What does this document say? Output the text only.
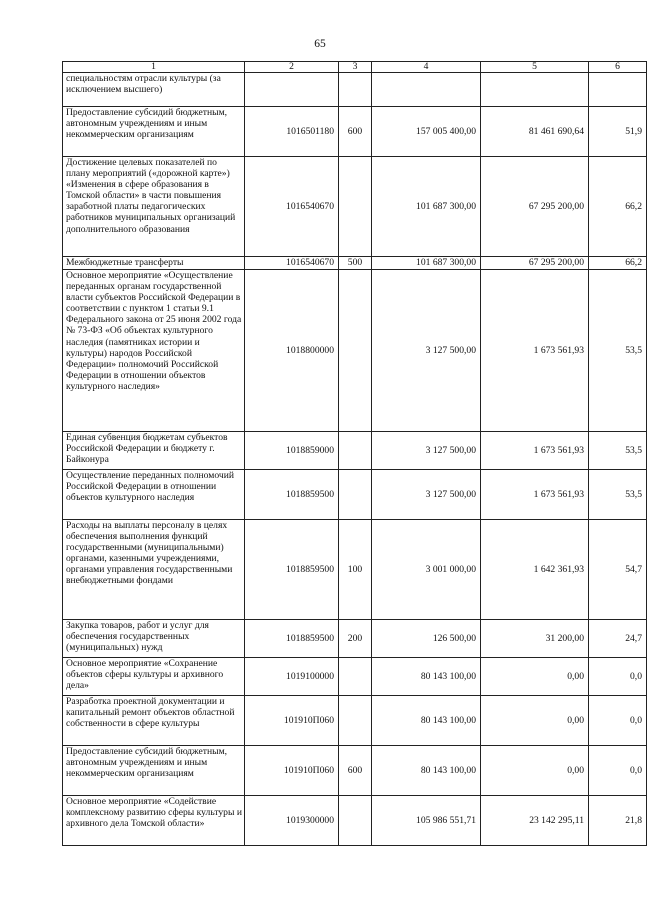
65
1	2	3	4	5	6
специальностям отрасли культуры (за исключением высшего)					
Предоставление субсидий бюджетным, автономным учреждениям и иным некоммерческим организациям	1016501180	600	157 005 400,00	81 461 690,64	51,9
Достижение целевых показателей по плану мероприятий («дорожной карте») «Изменения в сфере образования в Томской области» в части повышения заработной платы педагогических работников муниципальных организаций дополнительного образования	1016540670		101 687 300,00	67 295 200,00	66,2
Межбюджетные трансферты	1016540670	500	101 687 300,00	67 295 200,00	66,2
Основное мероприятие «Осуществление переданных органам государственной власти субъектов Российской Федерации в соответствии с пунктом 1 статьи 9.1 Федерального закона от 25 июня 2002 года № 73-ФЗ «Об объектах культурного наследия (памятниках истории и культуры) народов Российской Федерации» полномочий Российской Федерации в отношении объектов культурного наследия»	1018800000		3 127 500,00	1 673 561,93	53,5
Единая субвенция бюджетам субъектов Российской Федерации и бюджету г. Байконура	1018859000		3 127 500,00	1 673 561,93	53,5
Осуществление переданных полномочий Российской Федерации в отношении объектов культурного наследия	1018859500		3 127 500,00	1 673 561,93	53,5
Расходы на выплаты персоналу в целях обеспечения выполнения функций государственными (муниципальными) органами, казенными учреждениями, органами управления государственными внебюджетными фондами	1018859500	100	3 001 000,00	1 642 361,93	54,7
Закупка товаров, работ и услуг для обеспечения государственных (муниципальных) нужд	1018859500	200	126 500,00	31 200,00	24,7
Основное мероприятие «Сохранение объектов сферы культуры и архивного дела»	1019100000		80 143 100,00	0,00	0,0
Разработка проектной документации и капитальный ремонт объектов областной собственности в сфере культуры	101910П060		80 143 100,00	0,00	0,0
Предоставление субсидий бюджетным, автономным учреждениям и иным некоммерческим организациям	101910П060	600	80 143 100,00	0,00	0,0
Основное мероприятие «Содействие комплексному развитию сферы культуры и архивного дела Томской области»	1019300000		105 986 551,71	23 142 295,11	21,8
